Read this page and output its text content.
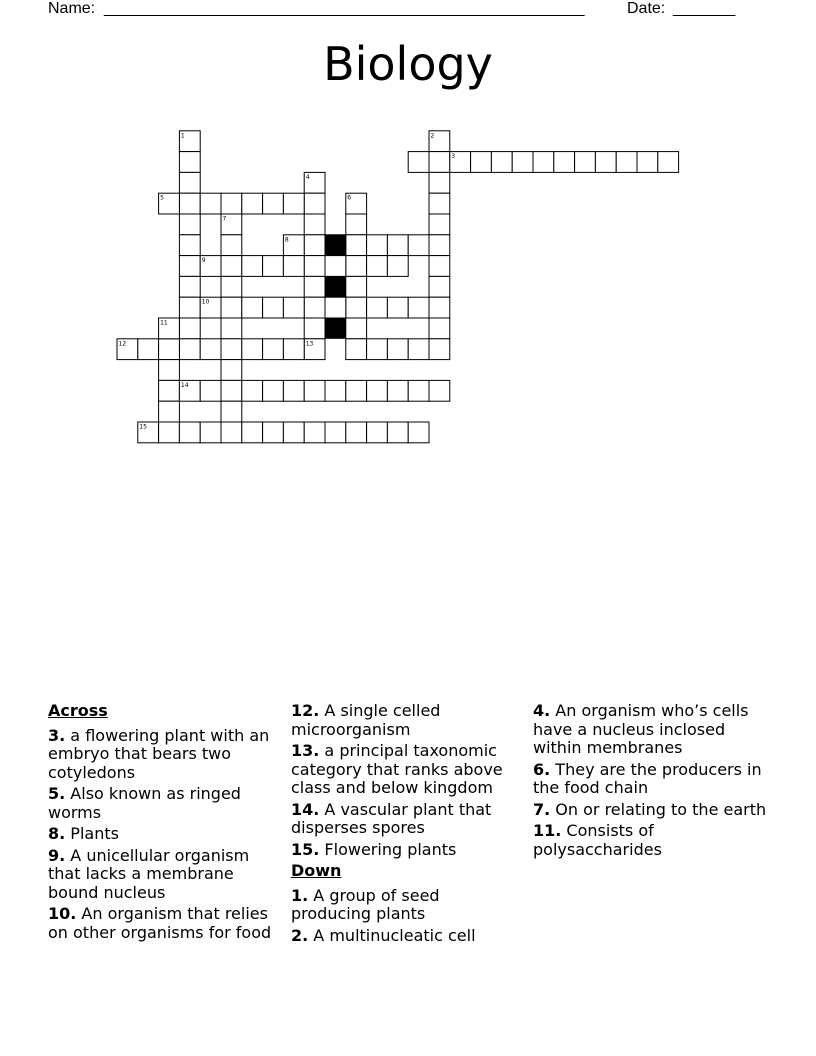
Name: ______________________________________________________	Date: _______
Biology
1
7
4
13
6
2
3
5
8
9
10
12
11
14
15
Across
3. a flowering plant with an embryo that bears two cotyledons
5. Also known as ringed worms
8. Plants
9. A unicellular organism that lacks a membrane bound nucleus
10. An organism that relies on other organisms for food
12. A single celled microorganism
13. a principal taxonomic category that ranks above class and below kingdom
14. A vascular plant that disperses spores
15. Flowering plants
Down
1. A group of seed producing plants
2. A multinucleatic cell
4. An organism who’s cells have a nucleus inclosed within membranes
6. They are the producers in the food chain
7. On or relating to the earth
11. Consists of polysaccharides
